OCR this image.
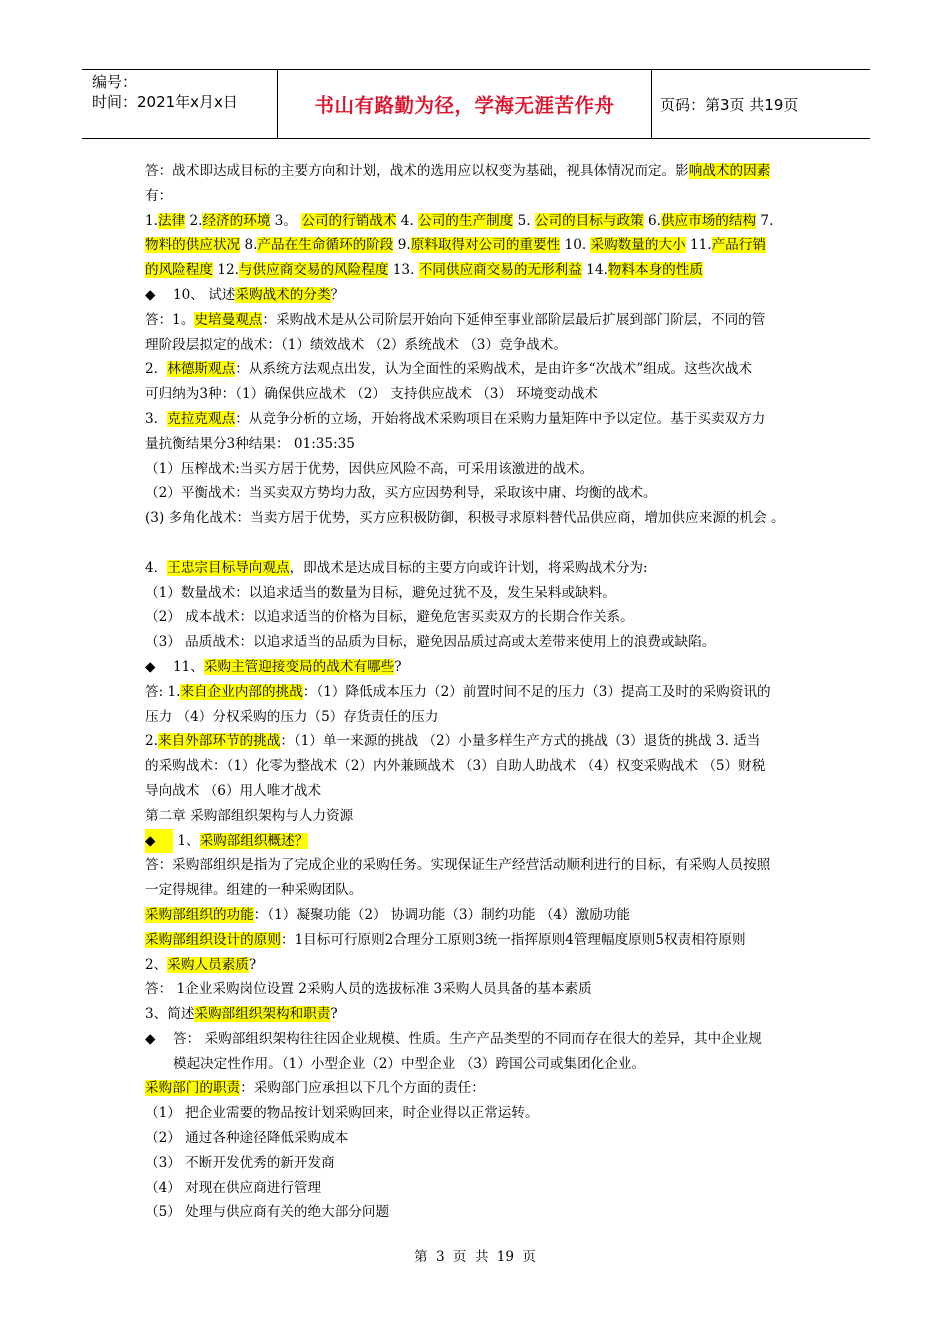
编号：
时间：2021年x月x日	书山有路勤为径，学海无涯苦作舟	页码：第3页 共19页

答：战术即达成目标的主要方向和计划，战术的选用应以权变为基础，视具体情况而定。影响战术的因素

有：

1.法律 2.经济的环境 3。 公司的行销战术 4. 公司的生产制度 5. 公司的目标与政策 6.供应市场的结构 7.

物料的供应状况 8.产品在生命循环的阶段 9.原料取得对公司的重要性 10. 采购数量的大小 11.产品行销

的风险程度 12.与供应商交易的风险程度 13. 不同供应商交易的无形利益 14.物料本身的性质

◆ 10、 试述采购战术的分类？

答：1。史培曼观点：采购战术是从公司阶层开始向下延伸至事业部阶层最后扩展到部门阶层，不同的管

理阶段层拟定的战术：（1）绩效战术 （2）系统战术 （3）竞争战术。

2．林德斯观点：从系统方法观点出发，认为全面性的采购战术，是由许多“次战术”组成。这些次战术

可归纳为3种：（1）确保供应战术 （2） 支持供应战术 （3） 环境变动战术

3．克拉克观点：从竞争分析的立场，开始将战术采购项目在采购力量矩阵中予以定位。基于买卖双方力

量抗衡结果分3种结果： 01:35:35

（1）压榨战术:当买方居于优势，因供应风险不高，可采用该激进的战术。

（2）平衡战术：当买卖双方势均力敌，买方应因势利导，采取该中庸、均衡的战术。

(3) 多角化战术：当卖方居于优势，买方应积极防御，积极寻求原料替代品供应商，增加供应来源的机会 。

4．王忠宗目标导向观点，即战术是达成目标的主要方向或许计划，将采购战术分为:

（1）数量战术：以追求适当的数量为目标，避免过犹不及，发生呆料或缺料。

（2） 成本战术：以追求适当的价格为目标，避免危害买卖双方的长期合作关系。

（3） 品质战术：以追求适当的品质为目标，避免因品质过高或太差带来使用上的浪费或缺陷。

◆ 11、采购主管迎接变局的战术有哪些?

答: 1.来自企业内部的挑战：（1）降低成本压力（2）前置时间不足的压力（3）提高工及时的采购资讯的

压力 （4）分权采购的压力（5）存货责任的压力

2.来自外部环节的挑战：（1）单一来源的挑战 （2）小量多样生产方式的挑战（3）退货的挑战 3. 适当

的采购战术：（1）化零为整战术（2）内外兼顾战术 （3）自助人助战术 （4）权变采购战术 （5）财税

导向战术 （6）用人唯才战术

第二章 采购部组织架构与人力资源

◆ 1、采购部组织概述？

答：采购部组织是指为了完成企业的采购任务。实现保证生产经营活动顺利进行的目标，有采购人员按照

一定得规律。组建的一种采购团队。

采购部组织的功能：（1）凝聚功能（2） 协调功能（3）制约功能 （4）激励功能

采购部组织设计的原则：1目标可行原则2合理分工原则3统一指挥原则4管理幅度原则5权责相符原则

2、采购人员素质?

答： 1企业采购岗位设置 2采购人员的选拔标准 3采购人员具备的基本素质

3、简述采购部组织架构和职责?

◆ 答： 采购部组织架构往往因企业规模、性质。生产产品类型的不同而存在很大的差异，其中企业规

模起决定性作用。（1）小型企业（2）中型企业 （3）跨国公司或集团化企业。

采购部门的职责：采购部门应承担以下几个方面的责任：

（1） 把企业需要的物品按计划采购回来，时企业得以正常运转。

（2） 通过各种途径降低采购成本

（3） 不断开发优秀的新开发商

（4） 对现在供应商进行管理

（5） 处理与供应商有关的绝大部分问题

第 3 页 共 19 页
